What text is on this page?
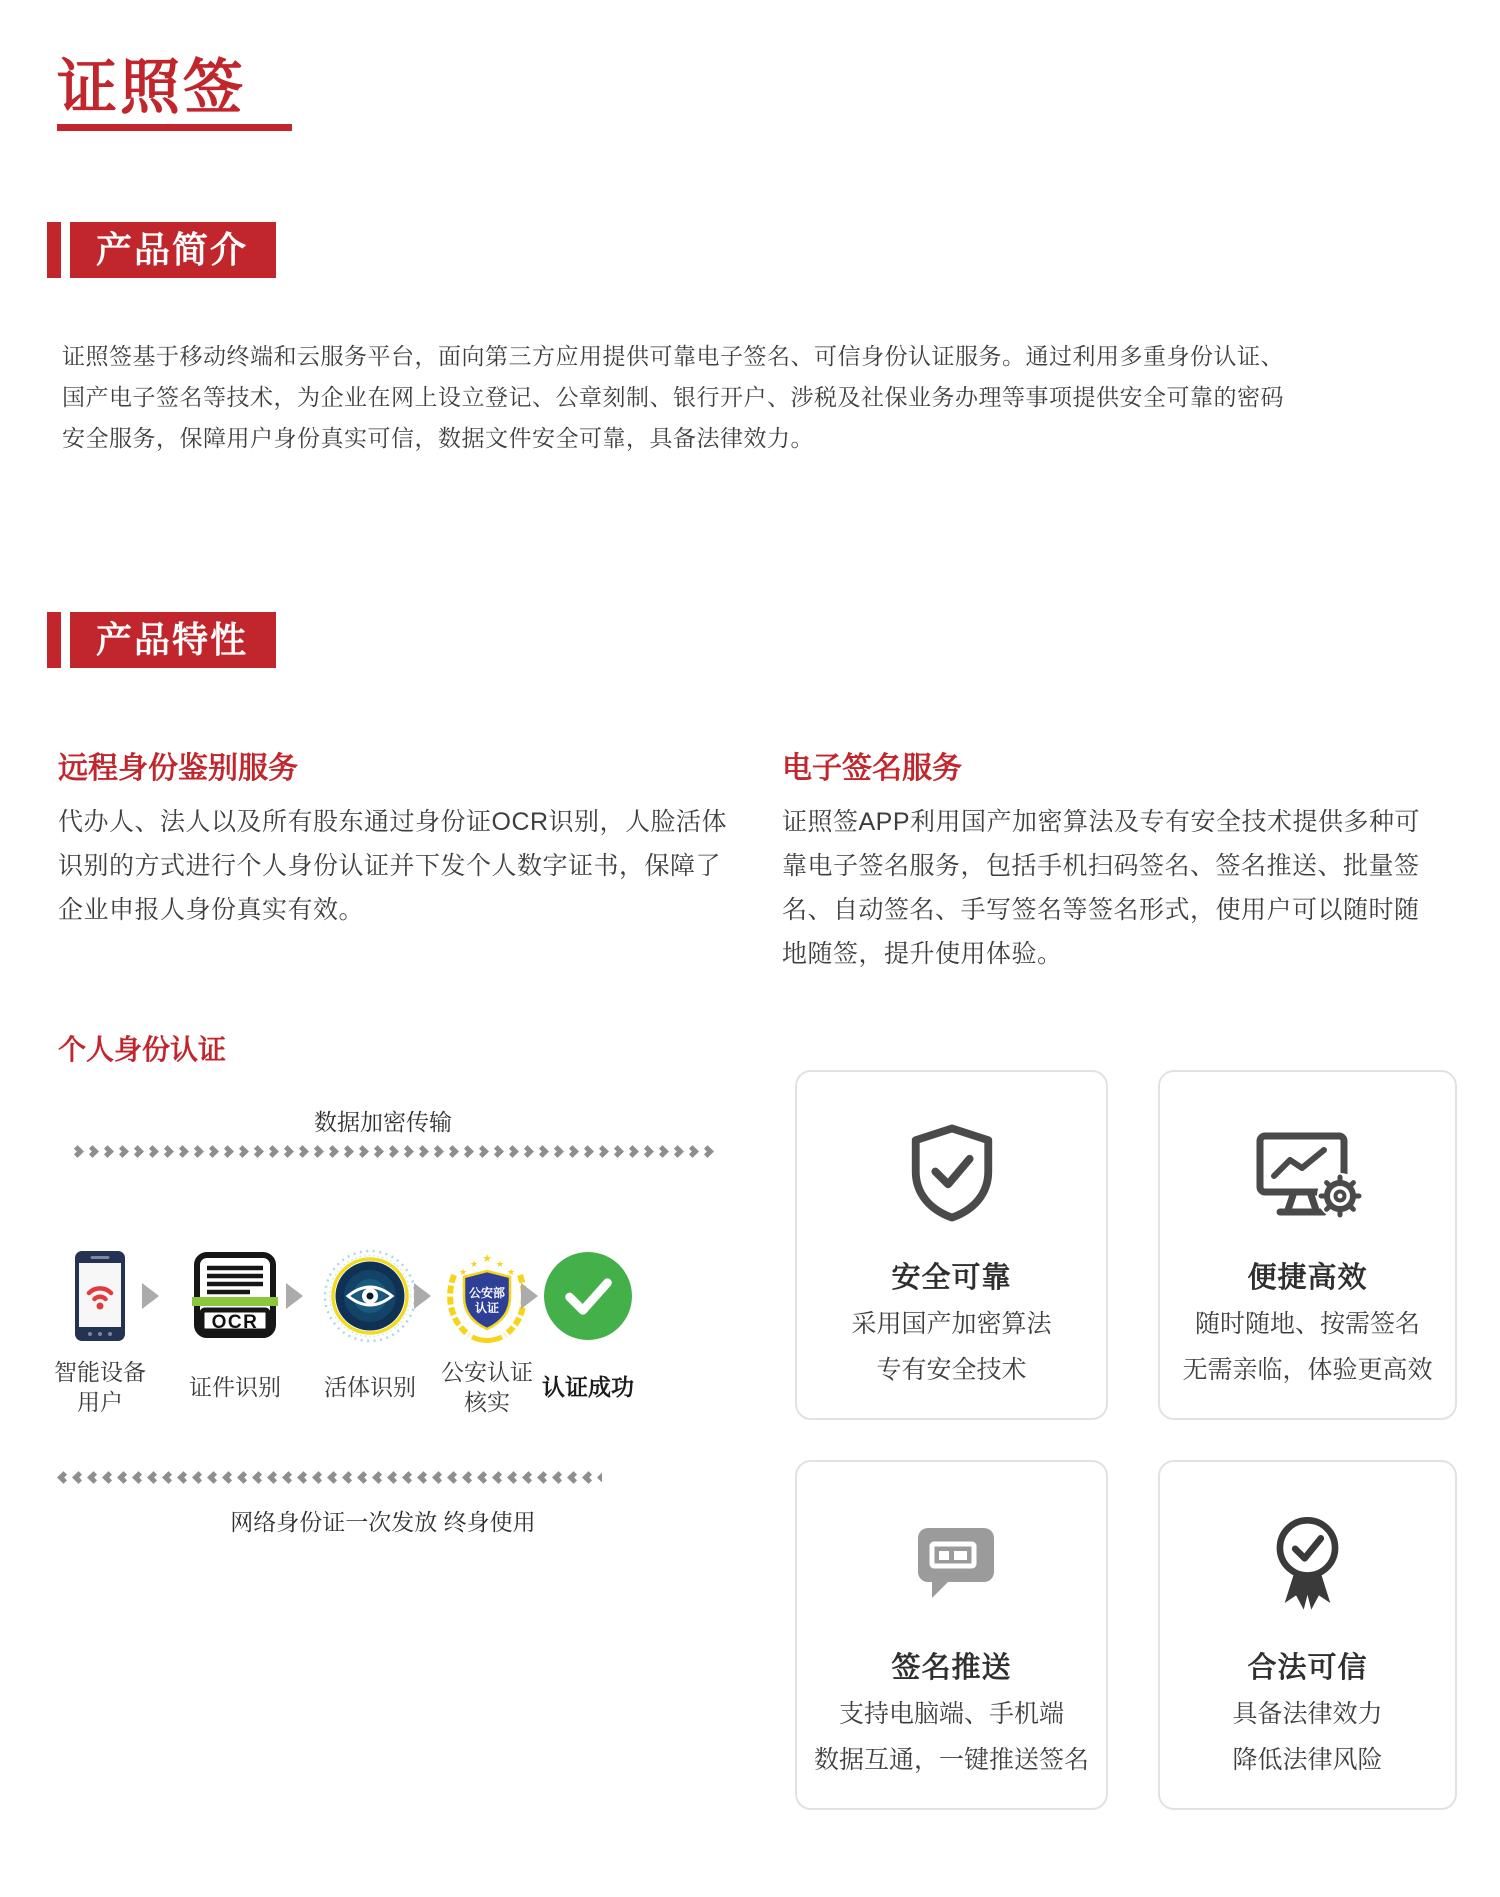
证照签
产品简介
证照签基于移动终端和云服务平台，面向第三方应用提供可靠电子签名、可信身份认证服务。通过利用多重身份认证、
国产电子签名等技术，为企业在网上设立登记、公章刻制、银行开户、涉税及社保业务办理等事项提供安全可靠的密码
安全服务，保障用户身份真实可信，数据文件安全可靠，具备法律效力。
产品特性
远程身份鉴别服务
代办人、法人以及所有股东通过身份证OCR识别，人脸活体
识别的方式进行个人身份认证并下发个人数字证书，保障了
企业申报人身份真实有效。
电子签名服务
证照签APP利用国产加密算法及专有安全技术提供多种可
靠电子签名服务，包括手机扫码签名、签名推送、批量签
名、自动签名、手写签名等签名形式，使用户可以随时随
地随签，提升使用体验。
个人身份认证
数据加密传输
智能设备
用户
OCR
证件识别	活体识别
★
★ ★
★	★
公安部
认证
公安认证
核实
认证成功
网络身份证一次发放 终身使用
安全可靠
采用国产加密算法
专有安全技术
便捷高效
随时随地、按需签名
无需亲临，体验更高效
签名推送
支持电脑端、手机端
数据互通，一键推送签名
合法可信
具备法律效力
降低法律风险
